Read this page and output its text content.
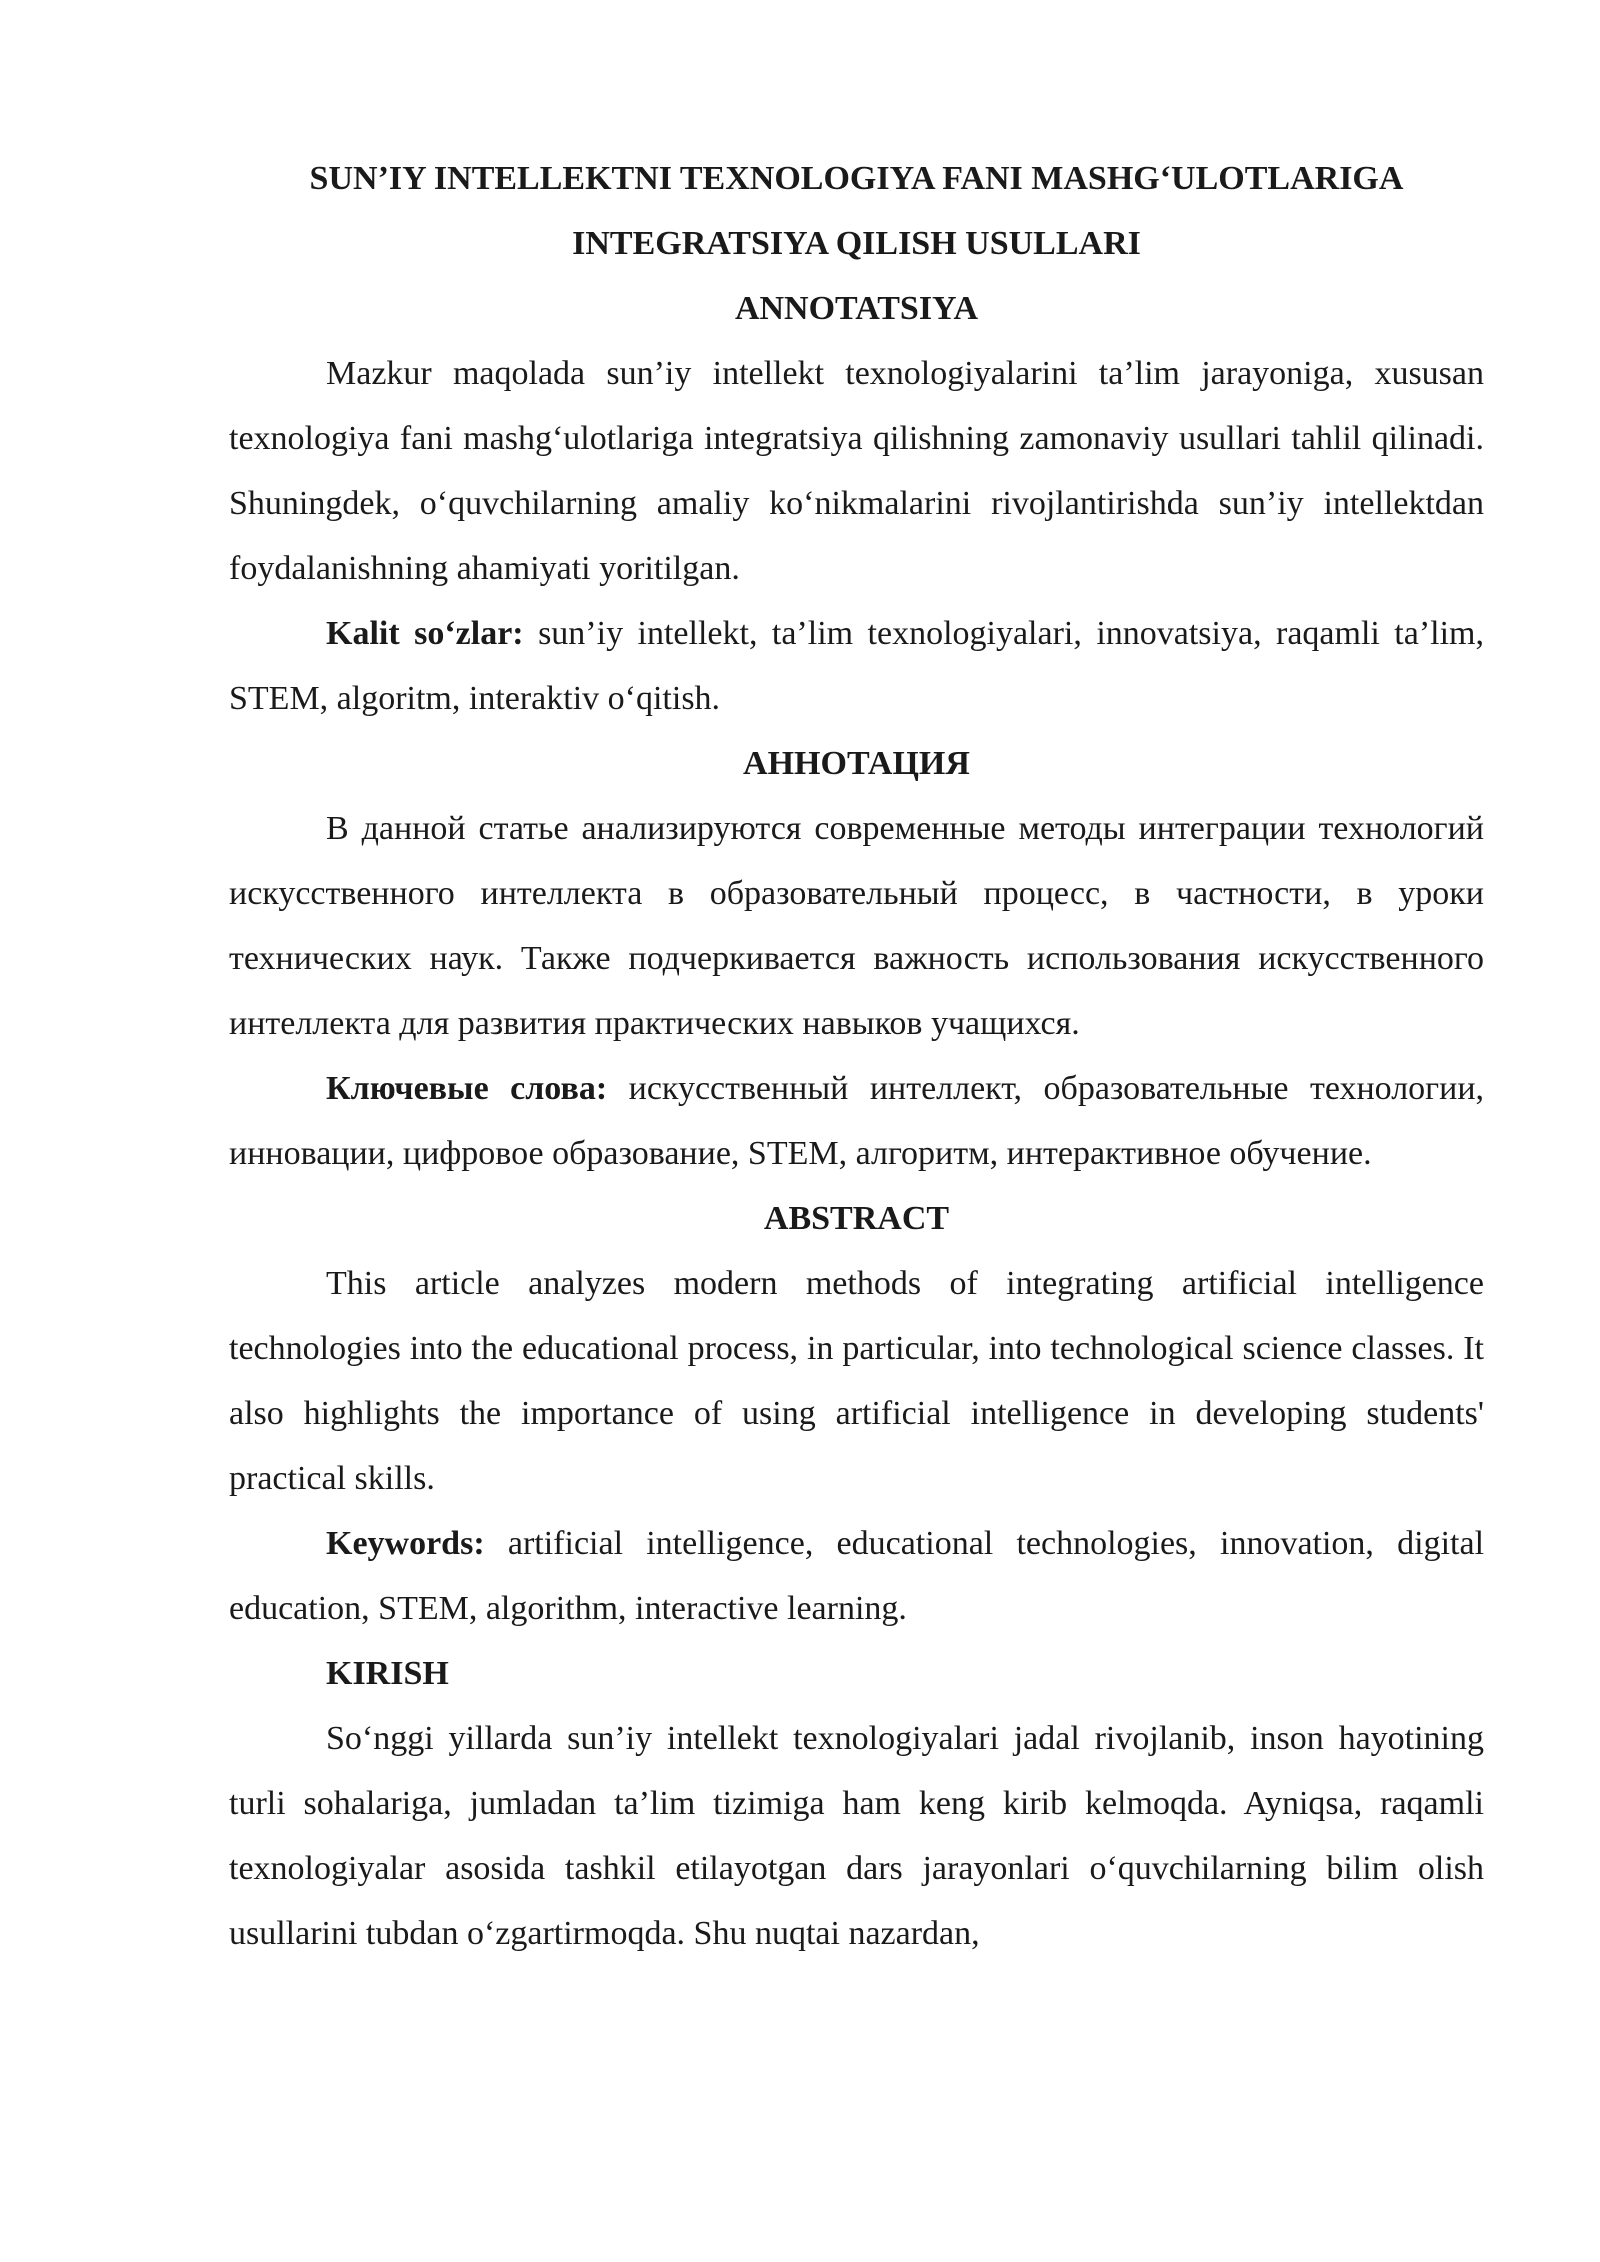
SUN’IY INTELLEKTNI TEXNOLOGIYA FANI MASHG‘ULOTLARIGA

INTEGRATSIYA QILISH USULLARI

ANNOTATSIYA

Mazkur maqolada sun’iy intellekt texnologiyalarini ta’lim jarayoniga, xususan texnologiya fani mashg‘ulotlariga integratsiya qilishning zamonaviy usullari tahlil qilinadi. Shuningdek, o‘quvchilarning amaliy ko‘nikmalarini rivojlantirishda sun’iy intellektdan foydalanishning ahamiyati yoritilgan.

Kalit so‘zlar: sun’iy intellekt, ta’lim texnologiyalari, innovatsiya, raqamli ta’lim, STEM, algoritm, interaktiv o‘qitish.

АННОТАЦИЯ

В данной статье анализируются современные методы интеграции технологий искусственного интеллекта в образовательный процесс, в частности, в уроки технических наук. Также подчеркивается важность использования искусственного интеллекта для развития практических навыков учащихся.

Ключевые слова: искусственный интеллект, образовательные технологии, инновации, цифровое образование, STEM, алгоритм, интерактивное обучение.

ABSTRACT

This article analyzes modern methods of integrating artificial intelligence technologies into the educational process, in particular, into technological science classes. It also highlights the importance of using artificial intelligence in developing students' practical skills.

Keywords: artificial intelligence, educational technologies, innovation, digital education, STEM, algorithm, interactive learning.

KIRISH

So‘nggi yillarda sun’iy intellekt texnologiyalari jadal rivojlanib, inson hayotining turli sohalariga, jumladan ta’lim tizimiga ham keng kirib kelmoqda. Ayniqsa, raqamli texnologiyalar asosida tashkil etilayotgan dars jarayonlari o‘quvchilarning bilim olish usullarini tubdan o‘zgartirmoqda. Shu nuqtai nazardan,
